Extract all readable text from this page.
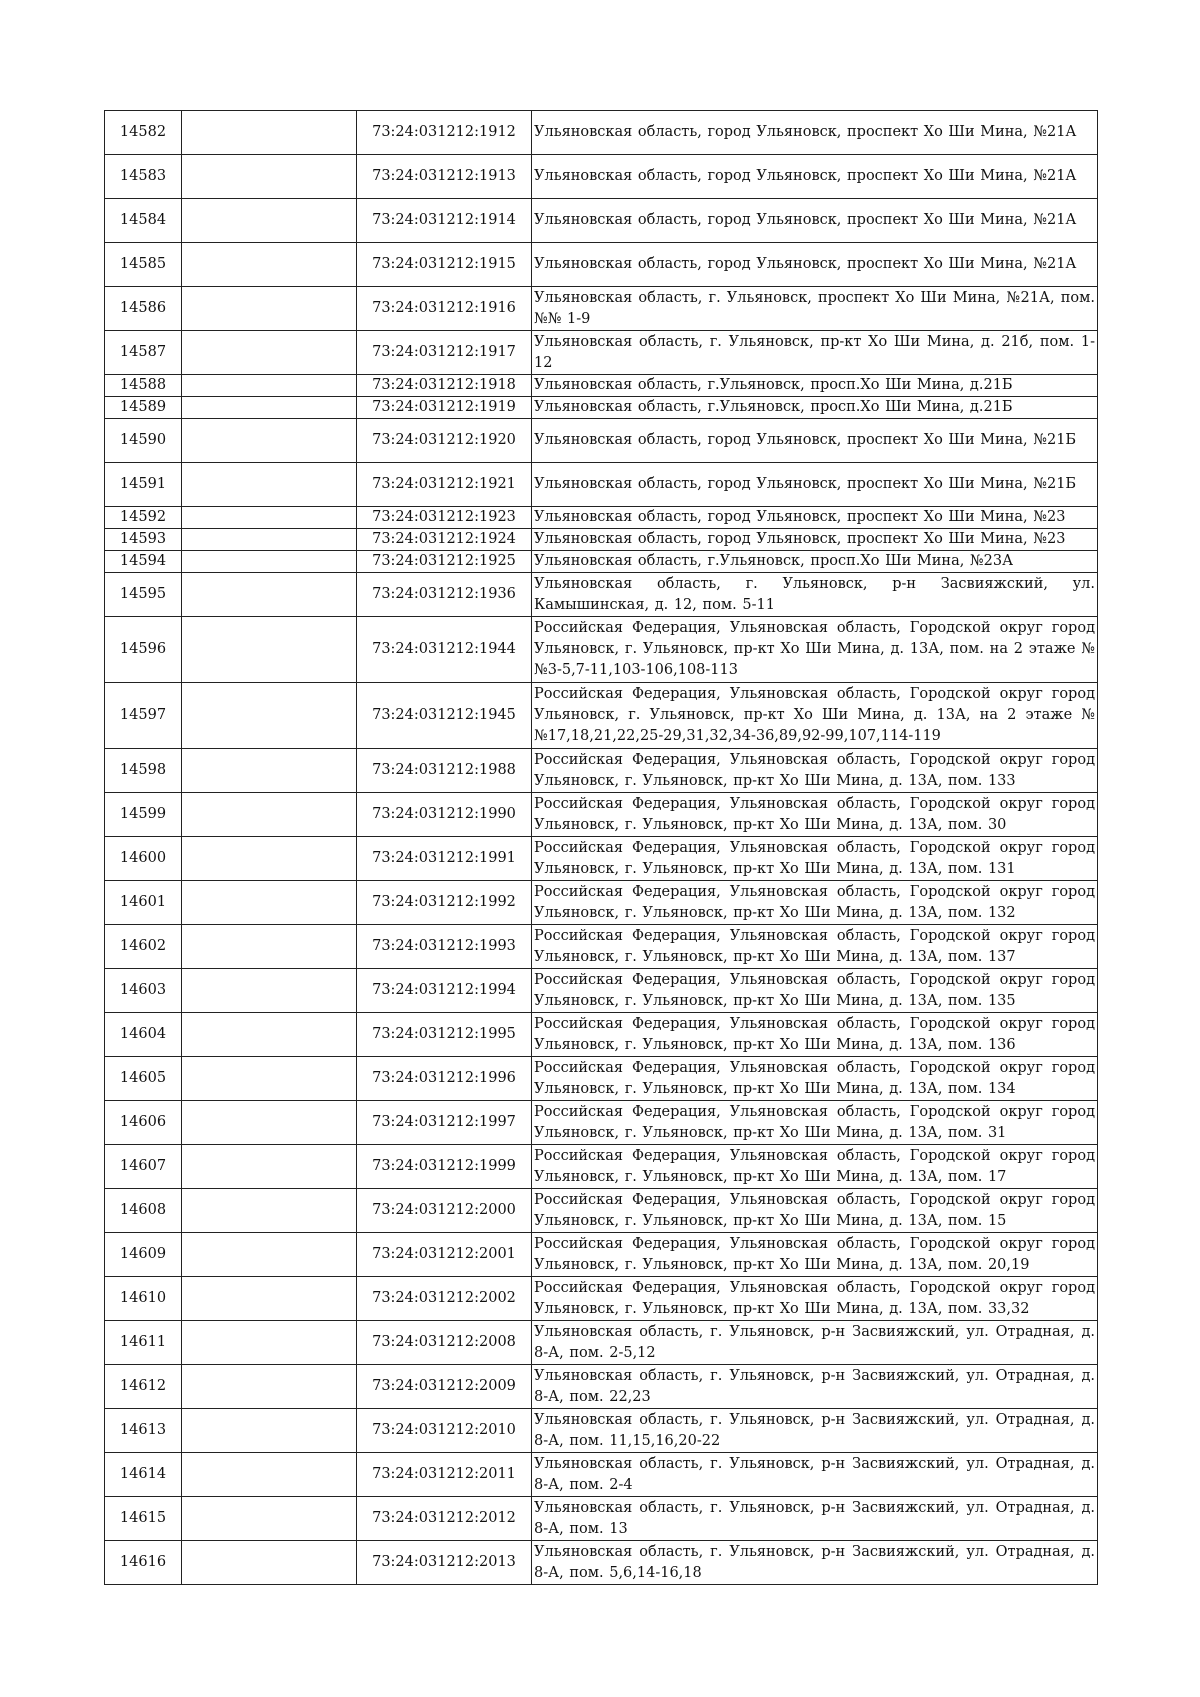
14582		73:24:031212:1912	Ульяновская область, город Ульяновск, проспект Хо Ши Мина, №21А
14583		73:24:031212:1913	Ульяновская область, город Ульяновск, проспект Хо Ши Мина, №21А
14584		73:24:031212:1914	Ульяновская область, город Ульяновск, проспект Хо Ши Мина, №21А
14585		73:24:031212:1915	Ульяновская область, город Ульяновск, проспект Хо Ши Мина, №21А
14586		73:24:031212:1916	Ульяновская область, г. Ульяновск, проспект Хо Ши Мина, №21А, пом. №№ 1-9
14587		73:24:031212:1917	Ульяновская область, г. Ульяновск, пр-кт Хо Ши Мина, д. 21б, пом. 1-12
14588		73:24:031212:1918	Ульяновская область, г.Ульяновск, просп.Хо Ши Мина, д.21Б
14589		73:24:031212:1919	Ульяновская область, г.Ульяновск, просп.Хо Ши Мина, д.21Б
14590		73:24:031212:1920	Ульяновская область, город Ульяновск, проспект Хо Ши Мина, №21Б
14591		73:24:031212:1921	Ульяновская область, город Ульяновск, проспект Хо Ши Мина, №21Б
14592		73:24:031212:1923	Ульяновская область, город Ульяновск, проспект Хо Ши Мина, №23
14593		73:24:031212:1924	Ульяновская область, город Ульяновск, проспект Хо Ши Мина, №23
14594		73:24:031212:1925	Ульяновская область, г.Ульяновск, просп.Хо Ши Мина, №23А
14595		73:24:031212:1936	Ульяновская область, г. Ульяновск, р-н Засвияжский, ул. Камышинская, д. 12, пом. 5-11
14596		73:24:031212:1944	Российская Федерация, Ульяновская область, Городской округ город Ульяновск, г. Ульяновск, пр-кт Хо Ши Мина, д. 13А, пом. на 2 этаже №№3-5,7-11,103-106,108-113
14597		73:24:031212:1945	Российская Федерация, Ульяновская область, Городской округ город Ульяновск, г. Ульяновск, пр-кт Хо Ши Мина, д. 13А, на 2 этаже №№17,18,21,22,25-29,31,32,34-36,89,92-99,107,114-119
14598		73:24:031212:1988	Российская Федерация, Ульяновская область, Городской округ город Ульяновск, г. Ульяновск, пр-кт Хо Ши Мина, д. 13А, пом. 133
14599		73:24:031212:1990	Российская Федерация, Ульяновская область, Городской округ город Ульяновск, г. Ульяновск, пр-кт Хо Ши Мина, д. 13А, пом. 30
14600		73:24:031212:1991	Российская Федерация, Ульяновская область, Городской округ город Ульяновск, г. Ульяновск, пр-кт Хо Ши Мина, д. 13А, пом. 131
14601		73:24:031212:1992	Российская Федерация, Ульяновская область, Городской округ город Ульяновск, г. Ульяновск, пр-кт Хо Ши Мина, д. 13А, пом. 132
14602		73:24:031212:1993	Российская Федерация, Ульяновская область, Городской округ город Ульяновск, г. Ульяновск, пр-кт Хо Ши Мина, д. 13А, пом. 137
14603		73:24:031212:1994	Российская Федерация, Ульяновская область, Городской округ город Ульяновск, г. Ульяновск, пр-кт Хо Ши Мина, д. 13А, пом. 135
14604		73:24:031212:1995	Российская Федерация, Ульяновская область, Городской округ город Ульяновск, г. Ульяновск, пр-кт Хо Ши Мина, д. 13А, пом. 136
14605		73:24:031212:1996	Российская Федерация, Ульяновская область, Городской округ город Ульяновск, г. Ульяновск, пр-кт Хо Ши Мина, д. 13А, пом. 134
14606		73:24:031212:1997	Российская Федерация, Ульяновская область, Городской округ город Ульяновск, г. Ульяновск, пр-кт Хо Ши Мина, д. 13А, пом. 31
14607		73:24:031212:1999	Российская Федерация, Ульяновская область, Городской округ город Ульяновск, г. Ульяновск, пр-кт Хо Ши Мина, д. 13А, пом. 17
14608		73:24:031212:2000	Российская Федерация, Ульяновская область, Городской округ город Ульяновск, г. Ульяновск, пр-кт Хо Ши Мина, д. 13А, пом. 15
14609		73:24:031212:2001	Российская Федерация, Ульяновская область, Городской округ город Ульяновск, г. Ульяновск, пр-кт Хо Ши Мина, д. 13А, пом. 20,19
14610		73:24:031212:2002	Российская Федерация, Ульяновская область, Городской округ город Ульяновск, г. Ульяновск, пр-кт Хо Ши Мина, д. 13А, пом. 33,32
14611		73:24:031212:2008	Ульяновская область, г. Ульяновск, р-н Засвияжский, ул. Отрадная, д. 8-А, пом. 2-5,12
14612		73:24:031212:2009	Ульяновская область, г. Ульяновск, р-н Засвияжский, ул. Отрадная, д. 8-А, пом. 22,23
14613		73:24:031212:2010	Ульяновская область, г. Ульяновск, р-н Засвияжский, ул. Отрадная, д. 8-А, пом. 11,15,16,20-22
14614		73:24:031212:2011	Ульяновская область, г. Ульяновск, р-н Засвияжский, ул. Отрадная, д. 8-А, пом. 2-4
14615		73:24:031212:2012	Ульяновская область, г. Ульяновск, р-н Засвияжский, ул. Отрадная, д. 8-А, пом. 13
14616		73:24:031212:2013	Ульяновская область, г. Ульяновск, р-н Засвияжский, ул. Отрадная, д. 8-А, пом. 5,6,14-16,18
